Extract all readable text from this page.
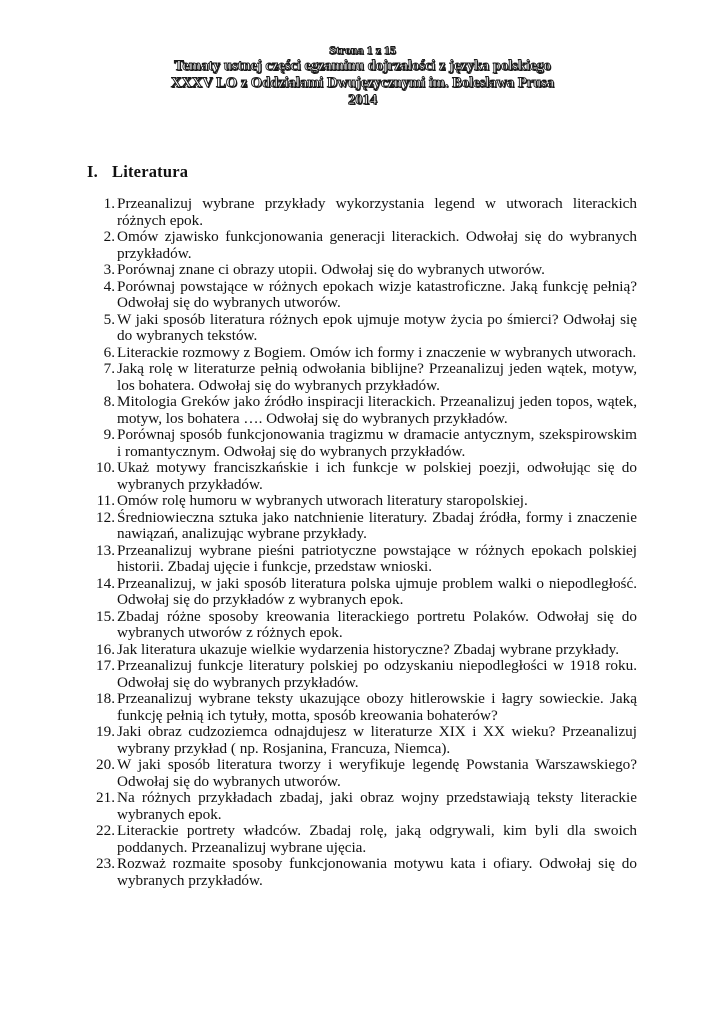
Strona 1 z 15
Tematy ustnej części egzaminu dojrzałości z języka polskiego
XXXV LO z Oddziałami Dwujęzycznymi im. Bolesława Prusa
2014
I. Literatura
1. Przeanalizuj wybrane przykłady wykorzystania legend w utworach literackich różnych epok.
2. Omów zjawisko funkcjonowania generacji literackich. Odwołaj się do wybranych przykładów.
3. Porównaj znane ci obrazy utopii. Odwołaj się do wybranych utworów.
4. Porównaj powstające w różnych epokach wizje katastroficzne. Jaką funkcję pełnią? Odwołaj się do wybranych utworów.
5. W jaki sposób literatura różnych epok ujmuje motyw życia po śmierci? Odwołaj się do wybranych tekstów.
6. Literackie rozmowy z Bogiem. Omów ich formy i znaczenie w wybranych utworach.
7. Jaką rolę w literaturze pełnią odwołania biblijne? Przeanalizuj jeden wątek, motyw, los bohatera. Odwołaj się do wybranych przykładów.
8. Mitologia Greków jako źródło inspiracji literackich. Przeanalizuj jeden topos, wątek, motyw, los bohatera …. Odwołaj się do wybranych przykładów.
9. Porównaj sposób funkcjonowania tragizmu w dramacie antycznym, szekspirowskim i romantycznym. Odwołaj się do wybranych przykładów.
10. Ukaż motywy franciszkańskie i ich funkcje w polskiej poezji, odwołując się do wybranych przykładów.
11. Omów rolę humoru w wybranych utworach literatury staropolskiej.
12. Średniowieczna sztuka jako natchnienie literatury. Zbadaj źródła, formy i znaczenie nawiązań, analizując wybrane przykłady.
13. Przeanalizuj wybrane pieśni patriotyczne powstające w różnych epokach polskiej historii. Zbadaj ujęcie i funkcje, przedstaw wnioski.
14. Przeanalizuj, w jaki sposób literatura polska ujmuje problem walki o niepodległość. Odwołaj się do przykładów z wybranych epok.
15. Zbadaj różne sposoby kreowania literackiego portretu Polaków. Odwołaj się do wybranych utworów z różnych epok.
16. Jak literatura ukazuje wielkie wydarzenia historyczne? Zbadaj wybrane przykłady.
17. Przeanalizuj funkcje literatury polskiej po odzyskaniu niepodległości w 1918 roku. Odwołaj się do wybranych przykładów.
18. Przeanalizuj wybrane teksty ukazujące obozy hitlerowskie i łagry sowieckie. Jaką funkcję pełnią ich tytuły, motta, sposób kreowania bohaterów?
19. Jaki obraz cudzoziemca odnajdujesz w literaturze XIX i XX wieku? Przeanalizuj wybrany przykład ( np. Rosjanina, Francuza, Niemca).
20. W jaki sposób literatura tworzy i weryfikuje legendę Powstania Warszawskiego? Odwołaj się do wybranych utworów.
21. Na różnych przykładach zbadaj, jaki obraz wojny przedstawiają teksty literackie wybranych epok.
22. Literackie portrety władców. Zbadaj rolę, jaką odgrywali, kim byli dla swoich poddanych. Przeanalizuj wybrane ujęcia.
23. Rozważ rozmaite sposoby funkcjonowania motywu kata i ofiary. Odwołaj się do wybranych przykładów.
